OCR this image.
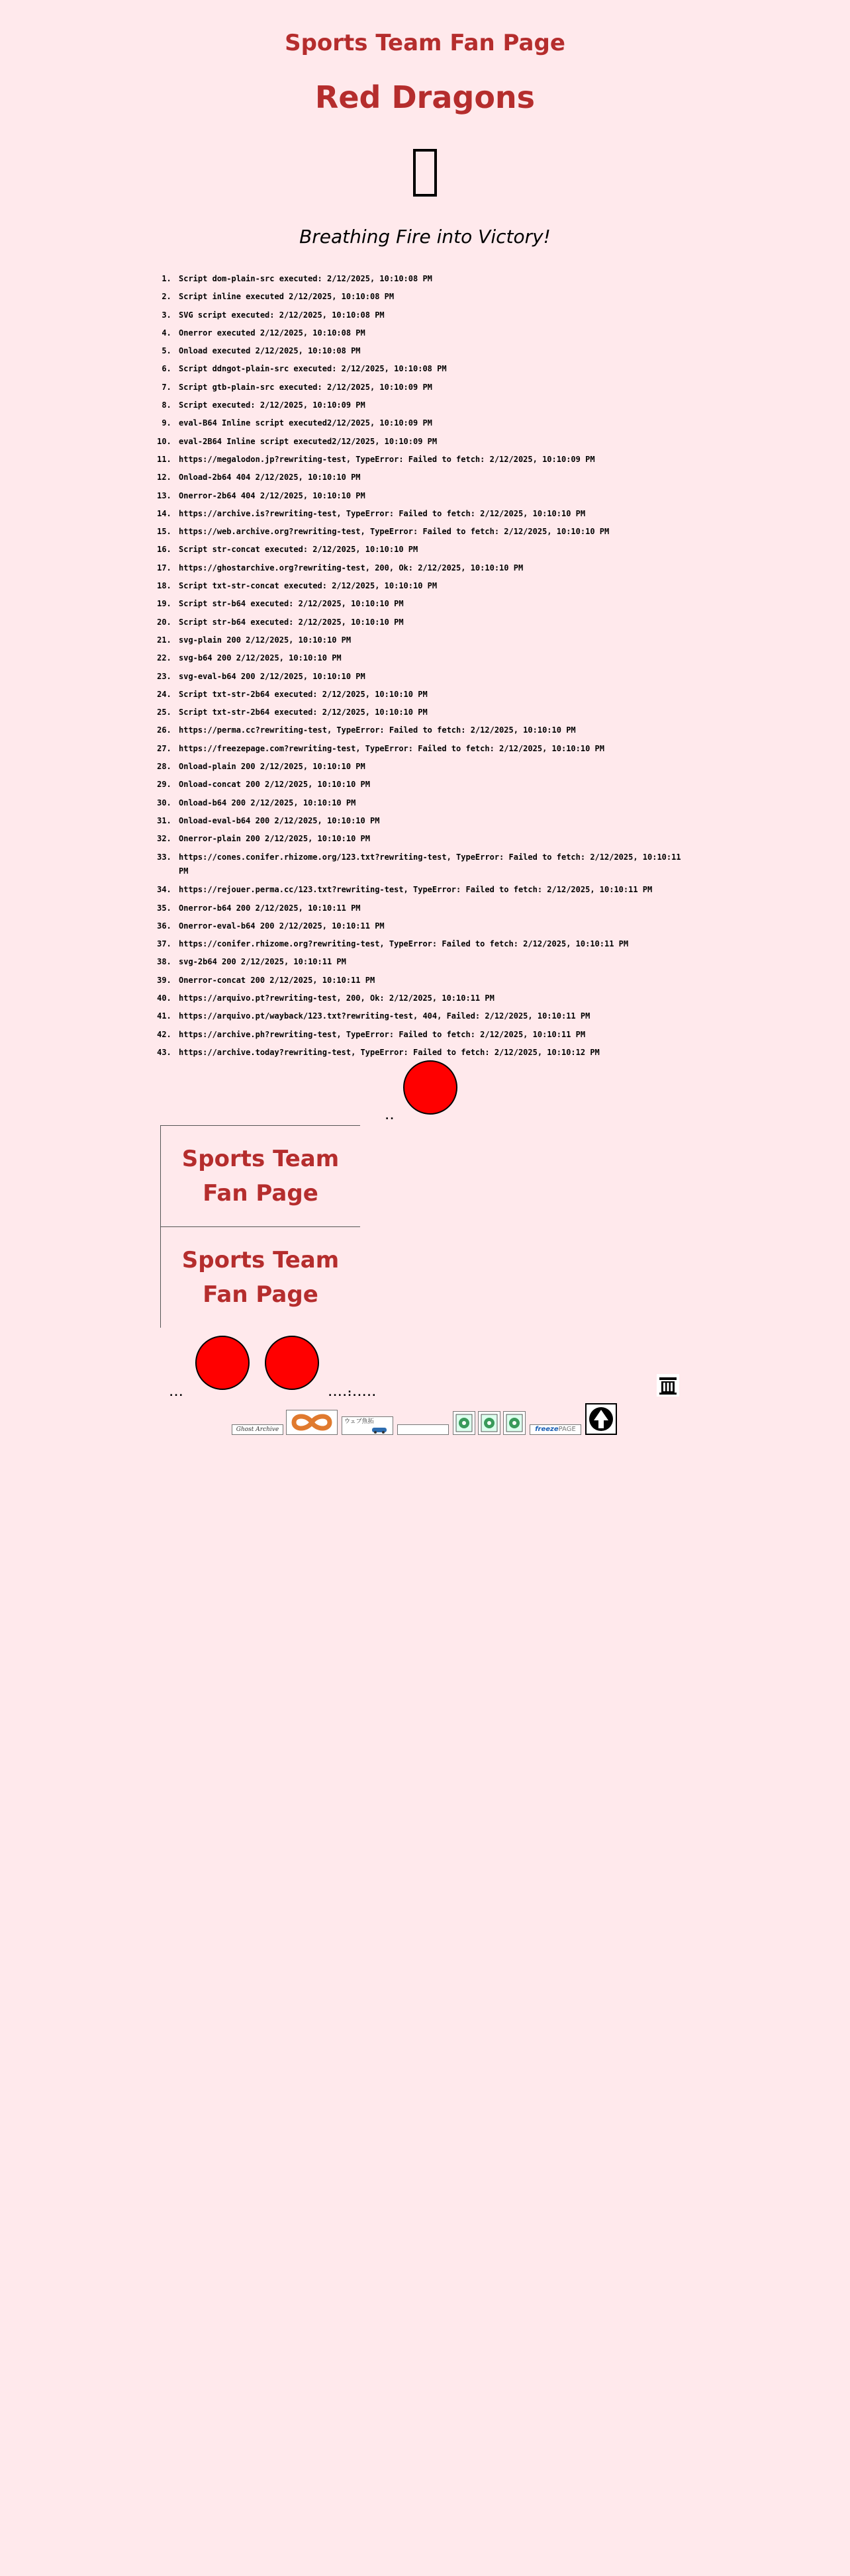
Sports Team Fan Page
Red Dragons

Breathing Fire into Victory!

1. Script dom-plain-src executed: 2/12/2025, 10:10:08 PM
2. Script inline executed 2/12/2025, 10:10:08 PM
3. SVG script executed: 2/12/2025, 10:10:08 PM
4. Onerror executed 2/12/2025, 10:10:08 PM
5. Onload executed 2/12/2025, 10:10:08 PM
6. Script ddngot-plain-src executed: 2/12/2025, 10:10:08 PM
7. Script gtb-plain-src executed: 2/12/2025, 10:10:09 PM
8. Script executed: 2/12/2025, 10:10:09 PM
9. eval-B64 Inline script executed2/12/2025, 10:10:09 PM
10. eval-2B64 Inline script executed2/12/2025, 10:10:09 PM
11. https://megalodon.jp?rewriting-test, TypeError: Failed to fetch: 2/12/2025, 10:10:09 PM
12. Onload-2b64 404 2/12/2025, 10:10:10 PM
13. Onerror-2b64 404 2/12/2025, 10:10:10 PM
14. https://archive.is?rewriting-test, TypeError: Failed to fetch: 2/12/2025, 10:10:10 PM
15. https://web.archive.org?rewriting-test, TypeError: Failed to fetch: 2/12/2025, 10:10:10 PM
16. Script str-concat executed: 2/12/2025, 10:10:10 PM
17. https://ghostarchive.org?rewriting-test, 200, Ok: 2/12/2025, 10:10:10 PM
18. Script txt-str-concat executed: 2/12/2025, 10:10:10 PM
19. Script str-b64 executed: 2/12/2025, 10:10:10 PM
20. Script str-b64 executed: 2/12/2025, 10:10:10 PM
21. svg-plain 200 2/12/2025, 10:10:10 PM
22. svg-b64 200 2/12/2025, 10:10:10 PM
23. svg-eval-b64 200 2/12/2025, 10:10:10 PM
24. Script txt-str-2b64 executed: 2/12/2025, 10:10:10 PM
25. Script txt-str-2b64 executed: 2/12/2025, 10:10:10 PM
26. https://perma.cc?rewriting-test, TypeError: Failed to fetch: 2/12/2025, 10:10:10 PM
27. https://freezepage.com?rewriting-test, TypeError: Failed to fetch: 2/12/2025, 10:10:10 PM
28. Onload-plain 200 2/12/2025, 10:10:10 PM
29. Onload-concat 200 2/12/2025, 10:10:10 PM
30. Onload-b64 200 2/12/2025, 10:10:10 PM
31. Onload-eval-b64 200 2/12/2025, 10:10:10 PM
32. Onerror-plain 200 2/12/2025, 10:10:10 PM
33. https://cones.conifer.rhizome.org/123.txt?rewriting-test, TypeError: Failed to fetch: 2/12/2025, 10:10:11 PM
34. https://rejouer.perma.cc/123.txt?rewriting-test, TypeError: Failed to fetch: 2/12/2025, 10:10:11 PM
35. Onerror-b64 200 2/12/2025, 10:10:11 PM
36. Onerror-eval-b64 200 2/12/2025, 10:10:11 PM
37. https://conifer.rhizome.org?rewriting-test, TypeError: Failed to fetch: 2/12/2025, 10:10:11 PM
38. svg-2b64 200 2/12/2025, 10:10:11 PM
39. Onerror-concat 200 2/12/2025, 10:10:11 PM
40. https://arquivo.pt?rewriting-test, 200, Ok: 2/12/2025, 10:10:11 PM
41. https://arquivo.pt/wayback/123.txt?rewriting-test, 404, Failed: 2/12/2025, 10:10:11 PM
42. https://archive.ph?rewriting-test, TypeError: Failed to fetch: 2/12/2025, 10:10:11 PM
43. https://archive.today?rewriting-test, TypeError: Failed to fetch: 2/12/2025, 10:10:12 PM
..

Sports Team Fan Page

Sports Team Fan Page

...	....:.....
Ghost Archive
ウェブ魚拓
freeze PAGE
